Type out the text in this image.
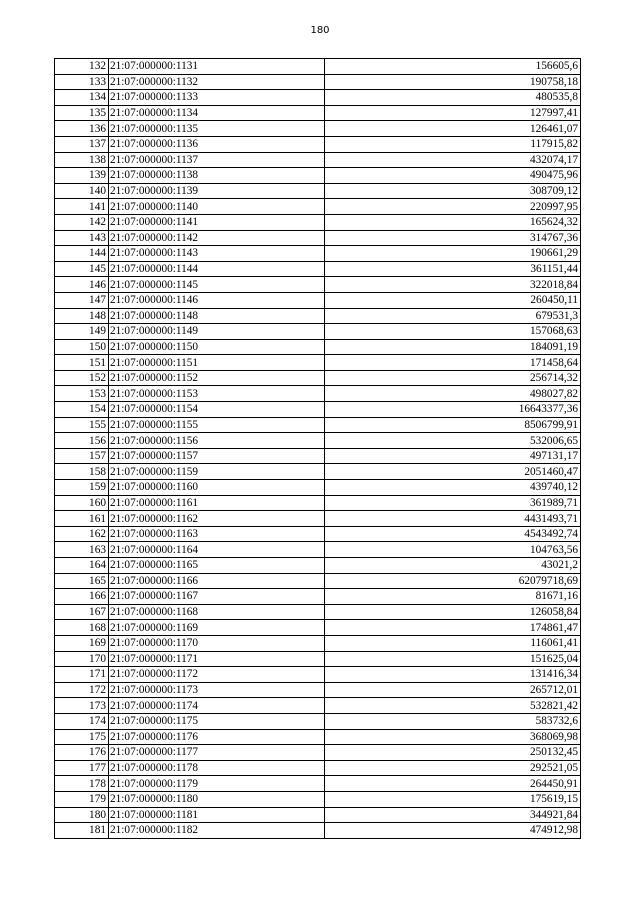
180
132	21:07:000000:1131	156605,6
133	21:07:000000:1132	190758,18
134	21:07:000000:1133	480535,8
135	21:07:000000:1134	127997,41
136	21:07:000000:1135	126461,07
137	21:07:000000:1136	117915,82
138	21:07:000000:1137	432074,17
139	21:07:000000:1138	490475,96
140	21:07:000000:1139	308709,12
141	21:07:000000:1140	220997,95
142	21:07:000000:1141	165624,32
143	21:07:000000:1142	314767,36
144	21:07:000000:1143	190661,29
145	21:07:000000:1144	361151,44
146	21:07:000000:1145	322018,84
147	21:07:000000:1146	260450,11
148	21:07:000000:1148	679531,3
149	21:07:000000:1149	157068,63
150	21:07:000000:1150	184091,19
151	21:07:000000:1151	171458,64
152	21:07:000000:1152	256714,32
153	21:07:000000:1153	498027,82
154	21:07:000000:1154	16643377,36
155	21:07:000000:1155	8506799,91
156	21:07:000000:1156	532006,65
157	21:07:000000:1157	497131,17
158	21:07:000000:1159	2051460,47
159	21:07:000000:1160	439740,12
160	21:07:000000:1161	361989,71
161	21:07:000000:1162	4431493,71
162	21:07:000000:1163	4543492,74
163	21:07:000000:1164	104763,56
164	21:07:000000:1165	43021,2
165	21:07:000000:1166	62079718,69
166	21:07:000000:1167	81671,16
167	21:07:000000:1168	126058,84
168	21:07:000000:1169	174861,47
169	21:07:000000:1170	116061,41
170	21:07:000000:1171	151625,04
171	21:07:000000:1172	131416,34
172	21:07:000000:1173	265712,01
173	21:07:000000:1174	532821,42
174	21:07:000000:1175	583732,6
175	21:07:000000:1176	368069,98
176	21:07:000000:1177	250132,45
177	21:07:000000:1178	292521,05
178	21:07:000000:1179	264450,91
179	21:07:000000:1180	175619,15
180	21:07:000000:1181	344921,84
181	21:07:000000:1182	474912,98
